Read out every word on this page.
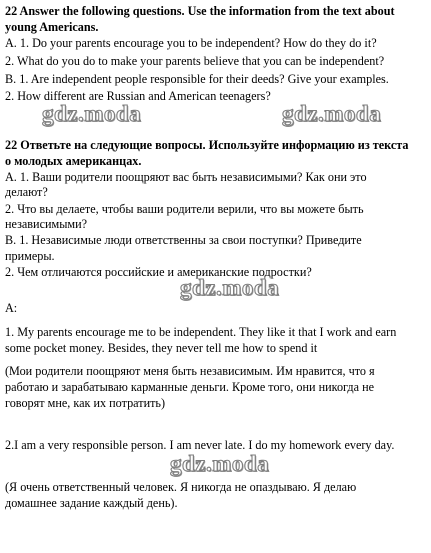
22 Answer the following questions. Use the information from the text about
young Americans.
A. 1. Do your parents encourage you to be independent? How do they do it?
2. What do you do to make your parents believe that you can be independent?
B. 1. Are independent people responsible for their deeds? Give your examples.
2. How different are Russian and American teenagers?
gdz.moda	gdz.moda
22 Ответьте на следующие вопросы. Используйте информацию из текста
о молодых американцах.
А. 1. Ваши родители поощряют вас быть независимыми? Как они это
делают?
2. Что вы делаете, чтобы ваши родители верили, что вы можете быть
независимыми?
В. 1. Независимые люди ответственны за свои поступки? Приведите
примеры.
2. Чем отличаются российские и американские подростки?
gdz.moda
A:
1. My parents encourage me to be independent. They like it that I work and earn
some pocket money. Besides, they never tell me how to spend it
(Мои родители поощряют меня быть независимым. Им нравится, что я
работаю и зарабатываю карманные деньги. Кроме того, они никогда не
говорят мне, как их потратить)
2.I am a very responsible person. I am never late. I do my homework every day.
gdz.moda
(Я очень ответственный человек. Я никогда не опаздываю. Я делаю
домашнее задание каждый день).
